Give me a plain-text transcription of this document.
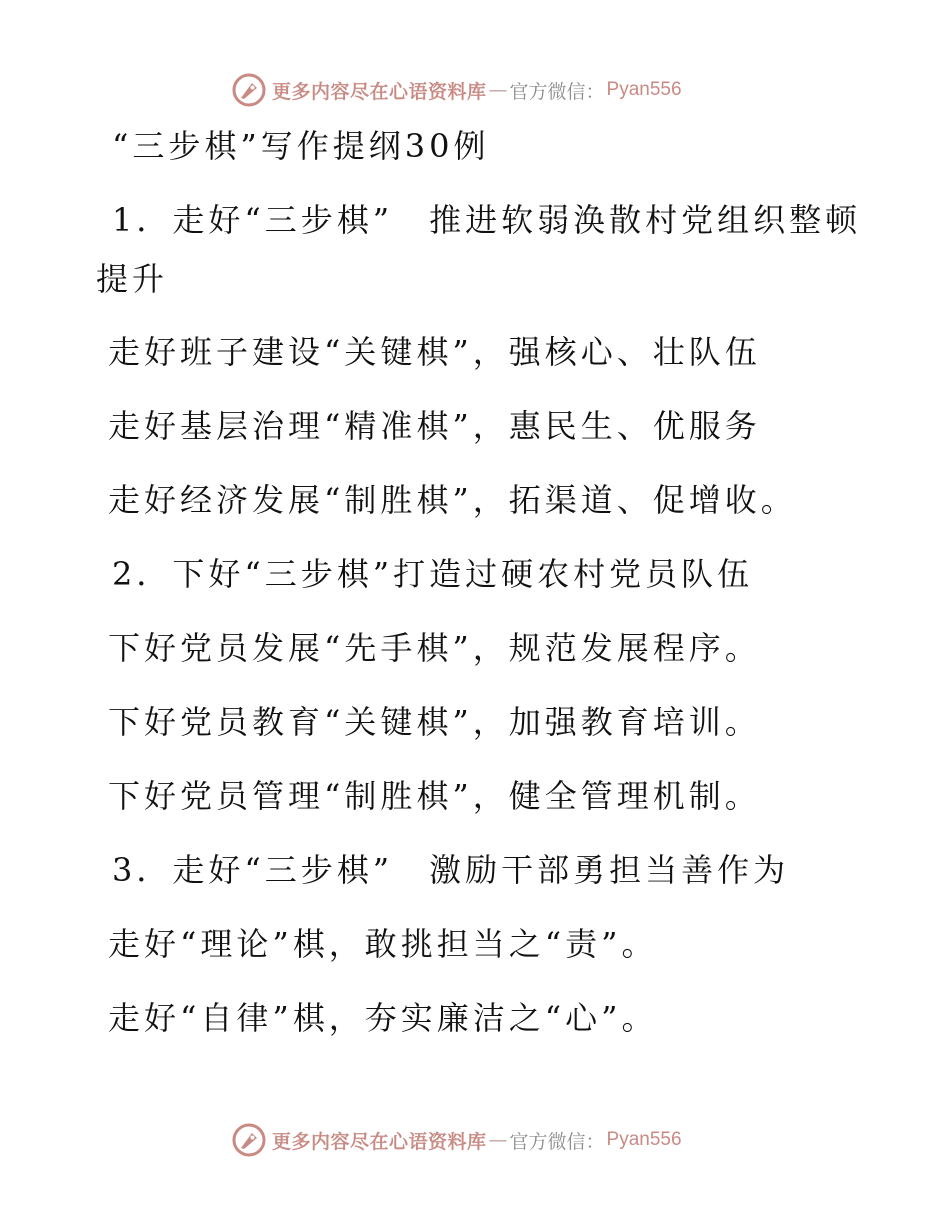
更多内容尽在心语资料库 — 官方微信： Pyan556
“三步棋”写作提纲30例
1．走好“三步棋”　推进软弱涣散村党组织整顿
提升
走好班子建设“关键棋”，强核心、壮队伍
走好基层治理“精准棋”，惠民生、优服务
走好经济发展“制胜棋”，拓渠道、促增收。
2．下好“三步棋”打造过硬农村党员队伍
下好党员发展“先手棋”，规范发展程序。
下好党员教育“关键棋”，加强教育培训。
下好党员管理“制胜棋”，健全管理机制。
3．走好“三步棋”　激励干部勇担当善作为
走好“理论”棋，敢挑担当之“责”。
走好“自律”棋，夯实廉洁之“心”。
更多内容尽在心语资料库 — 官方微信： Pyan556
